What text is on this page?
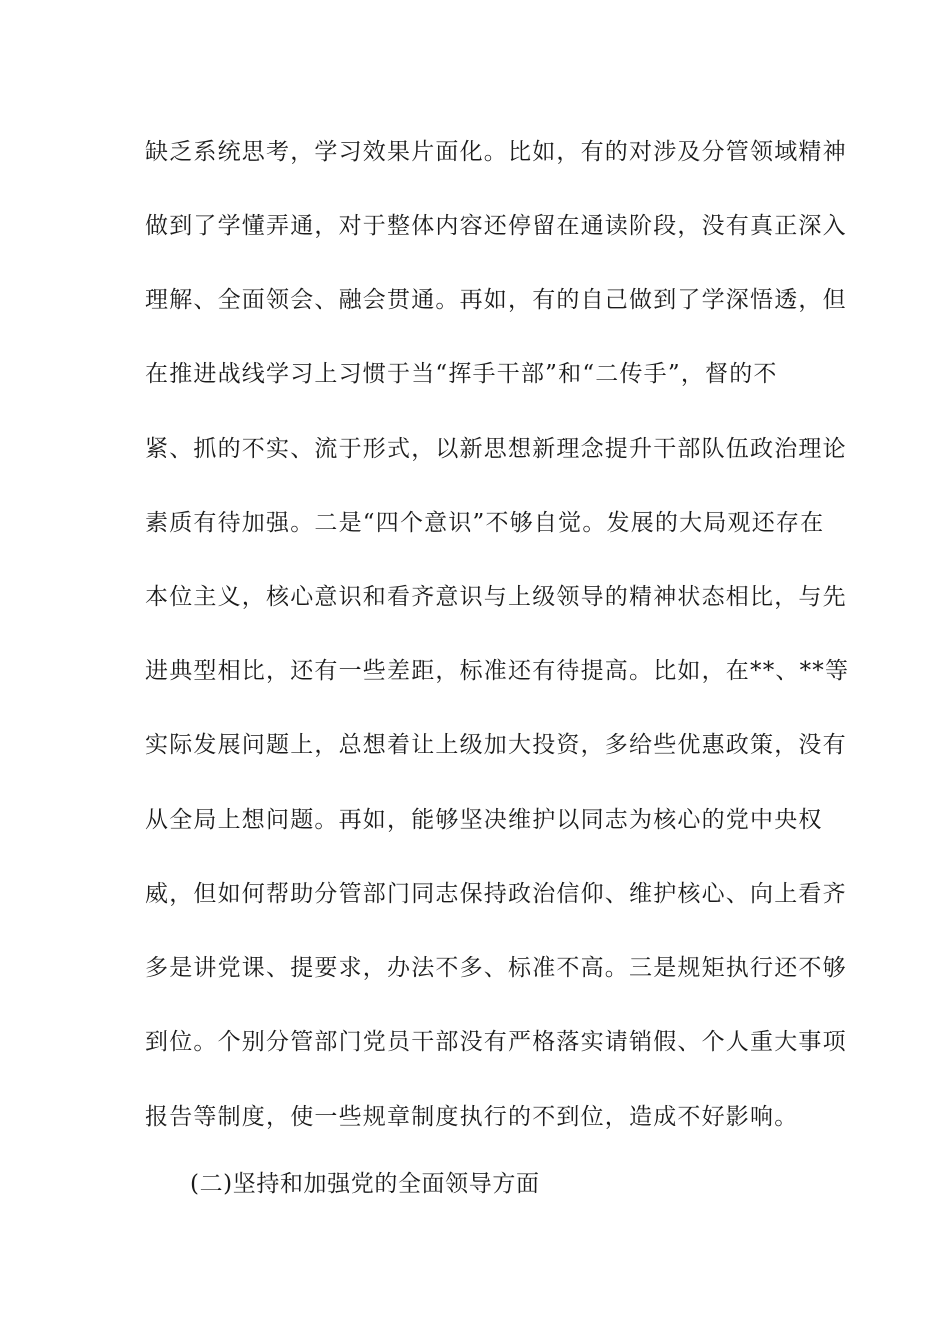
缺乏系统思考，学习效果片面化。比如，有的对涉及分管领域精神
做到了学懂弄通，对于整体内容还停留在通读阶段，没有真正深入
理解、全面领会、融会贯通。再如，有的自己做到了学深悟透，但
在推进战线学习上习惯于当“挥手干部”和“二传手”，督的不
紧、抓的不实、流于形式，以新思想新理念提升干部队伍政治理论
素质有待加强。二是“四个意识”不够自觉。发展的大局观还存在
本位主义，核心意识和看齐意识与上级领导的精神状态相比，与先
进典型相比，还有一些差距，标准还有待提高。比如，在**、**等
实际发展问题上，总想着让上级加大投资，多给些优惠政策，没有
从全局上想问题。再如，能够坚决维护以同志为核心的党中央权
威，但如何帮助分管部门同志保持政治信仰、维护核心、向上看齐
多是讲党课、提要求，办法不多、标准不高。三是规矩执行还不够
到位。个别分管部门党员干部没有严格落实请销假、个人重大事项
报告等制度，使一些规章制度执行的不到位，造成不好影响。
(二)坚持和加强党的全面领导方面
